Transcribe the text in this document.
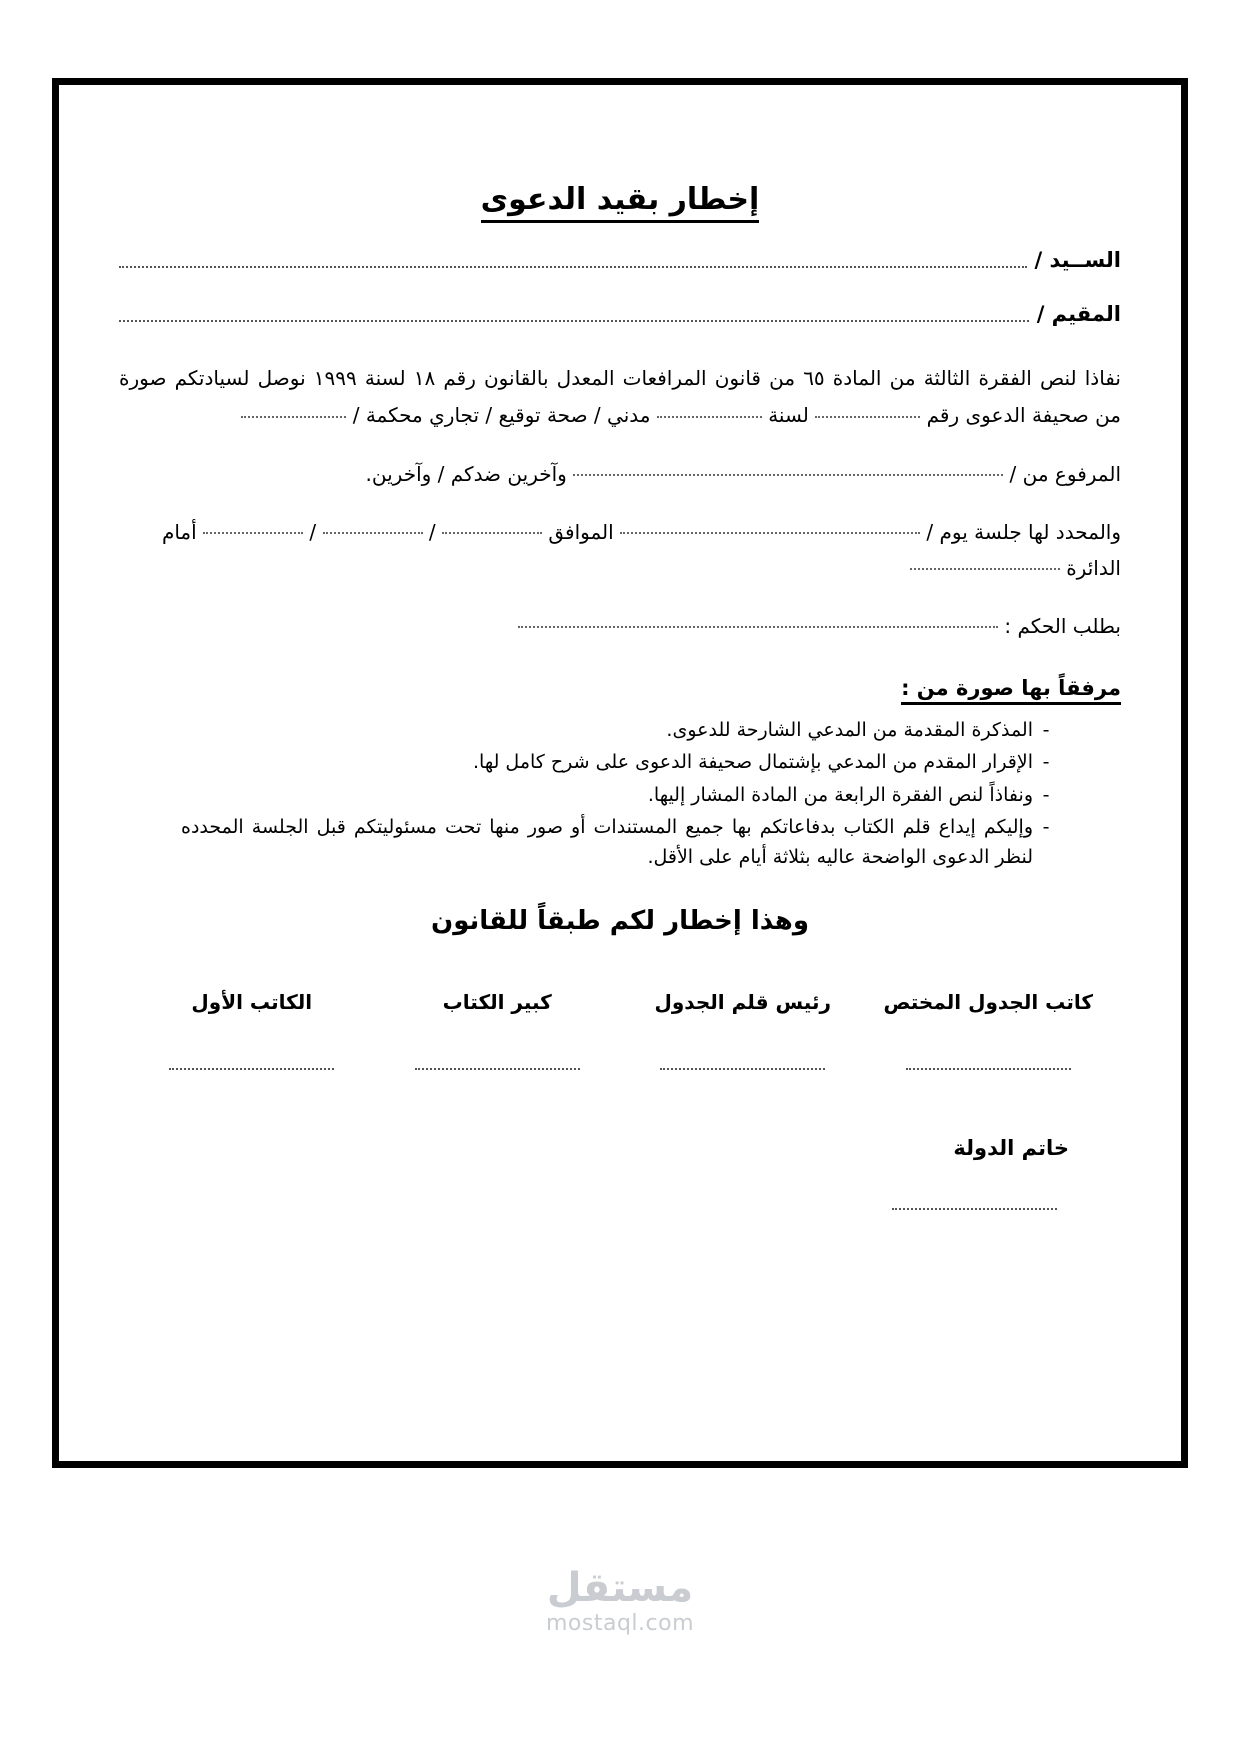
إخطار بقيد الدعوى
الســيد /
المقيم /
نفاذا لنص الفقرة الثالثة من المادة ٦٥ من قانون المرافعات المعدل بالقانون رقم ١٨ لسنة ١٩٩٩ نوصل لسيادتكم صورة من صحيفة الدعوى رقم  لسنة  مدني / صحة توقيع / تجاري محكمة /
المرفوع من /  وآخرين ضدكم / وآخرين.
والمحدد لها جلسة يوم /  الموافق  /  /  أمام الدائرة
بطلب الحكم :
مرفقاً بها صورة من :
-
المذكرة المقدمة من المدعي الشارحة للدعوى.
-
الإقرار المقدم من المدعي بإشتمال صحيفة الدعوى على شرح كامل لها.
-
ونفاذاً لنص الفقرة الرابعة من المادة المشار إليها.
-
وإليكم إيداع قلم الكتاب بدفاعاتكم بها جميع المستندات أو صور منها تحت مسئوليتكم قبل الجلسة المحدده لنظر الدعوى الواضحة عاليه بثلاثة أيام على الأقل.
وهذا إخطار لكم طبقاً للقانون
كاتب الجدول المختص
رئيس قلم الجدول
كبير الكتاب
الكاتب الأول
خاتم الدولة
مستقل
mostaql.com
